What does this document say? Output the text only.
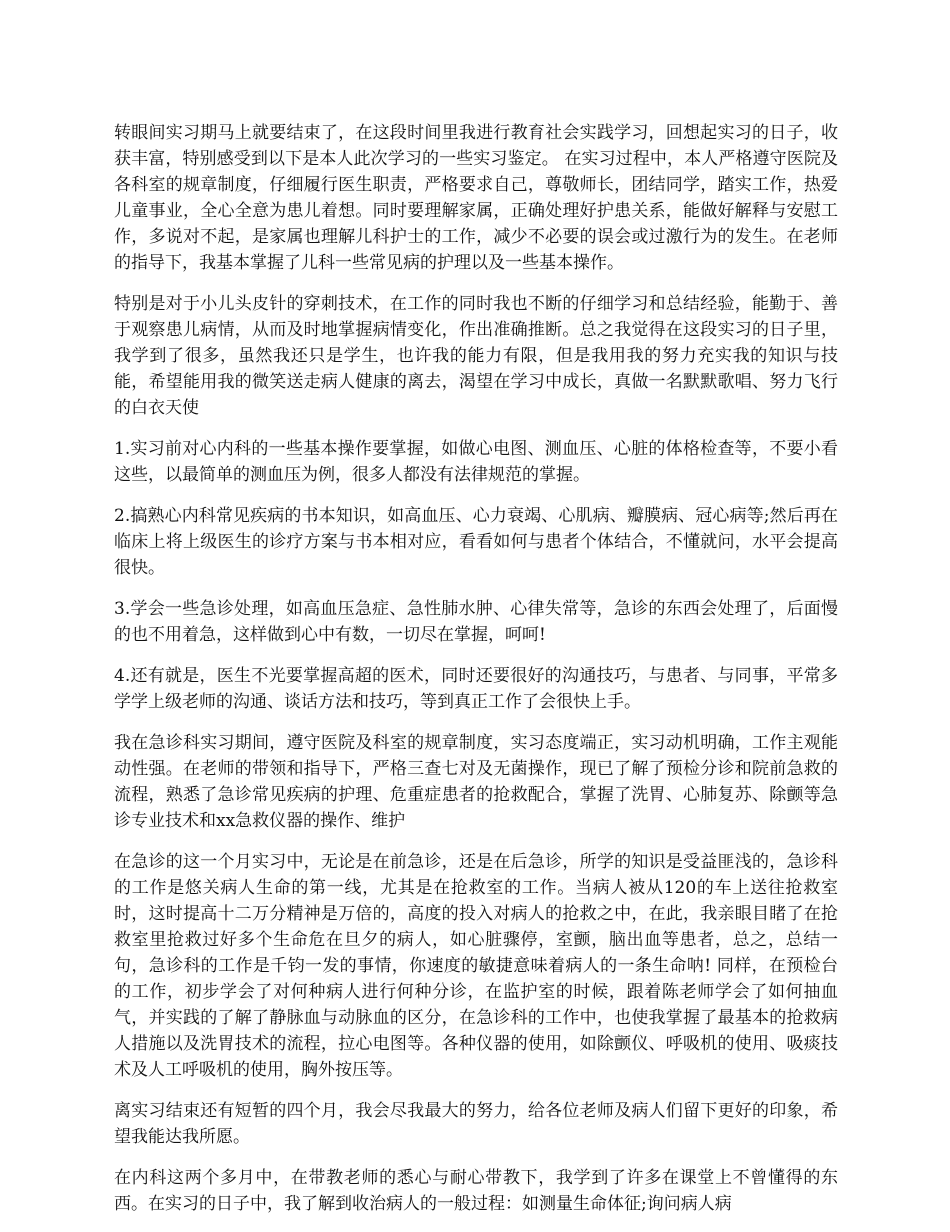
转眼间实习期马上就要结束了，在这段时间里我进行教育社会实践学习，回想起实习的日子，收获丰富，特别感受到以下是本人此次学习的一些实习鉴定。 在实习过程中，本人严格遵守医院及各科室的规章制度，仔细履行医生职责，严格要求自己，尊敬师长，团结同学，踏实工作，热爱儿童事业，全心全意为患儿着想。同时要理解家属，正确处理好护患关系，能做好解释与安慰工作，多说对不起，是家属也理解儿科护士的工作，减少不必要的误会或过激行为的发生。在老师的指导下，我基本掌握了儿科一些常见病的护理以及一些基本操作。

特别是对于小儿头皮针的穿刺技术，在工作的同时我也不断的仔细学习和总结经验，能勤于、善于观察患儿病情，从而及时地掌握病情变化，作出准确推断。总之我觉得在这段实习的日子里，我学到了很多，虽然我还只是学生，也许我的能力有限，但是我用我的努力充实我的知识与技能，希望能用我的微笑送走病人健康的离去，渴望在学习中成长，真做一名默默歌唱、努力飞行的白衣天使

1.实习前对心内科的一些基本操作要掌握，如做心电图、测血压、心脏的体格检查等，不要小看这些，以最简单的测血压为例，很多人都没有法律规范的掌握。

2.搞熟心内科常见疾病的书本知识，如高血压、心力衰竭、心肌病、瓣膜病、冠心病等;然后再在临床上将上级医生的诊疗方案与书本相对应，看看如何与患者个体结合，不懂就问，水平会提高很快。

3.学会一些急诊处理，如高血压急症、急性肺水肿、心律失常等，急诊的东西会处理了，后面慢的也不用着急，这样做到心中有数，一切尽在掌握，呵呵!

4.还有就是，医生不光要掌握高超的医术，同时还要很好的沟通技巧，与患者、与同事，平常多学学上级老师的沟通、谈话方法和技巧，等到真正工作了会很快上手。

我在急诊科实习期间，遵守医院及科室的规章制度，实习态度端正，实习动机明确，工作主观能动性强。在老师的带领和指导下，严格三查七对及无菌操作，现已了解了预检分诊和院前急救的流程，熟悉了急诊常见疾病的护理、危重症患者的抢救配合，掌握了洗胃、心肺复苏、除颤等急诊专业技术和xx急救仪器的操作、维护

在急诊的这一个月实习中，无论是在前急诊，还是在后急诊，所学的知识是受益匪浅的，急诊科的工作是悠关病人生命的第一线，尤其是在抢救室的工作。当病人被从120的车上送往抢救室时，这时提高十二万分精神是万倍的，高度的投入对病人的抢救之中，在此，我亲眼目睹了在抢救室里抢救过好多个生命危在旦夕的病人，如心脏骤停，室颤，脑出血等患者，总之，总结一句，急诊科的工作是千钧一发的事情，你速度的敏捷意味着病人的一条生命呐! 同样，在预检台的工作，初步学会了对何种病人进行何种分诊，在监护室的时候，跟着陈老师学会了如何抽血气，并实践的了解了静脉血与动脉血的区分，在急诊科的工作中，也使我掌握了最基本的抢救病人措施以及洗胃技术的流程，拉心电图等。各种仪器的使用，如除颤仪、呼吸机的使用、吸痰技术及人工呼吸机的使用，胸外按压等。

离实习结束还有短暂的四个月，我会尽我最大的努力，给各位老师及病人们留下更好的印象，希望我能达我所愿。

在内科这两个多月中，在带教老师的悉心与耐心带教下，我学到了许多在课堂上不曾懂得的东西。在实习的日子中，我了解到收治病人的一般过程：如测量生命体征;询问病人病
